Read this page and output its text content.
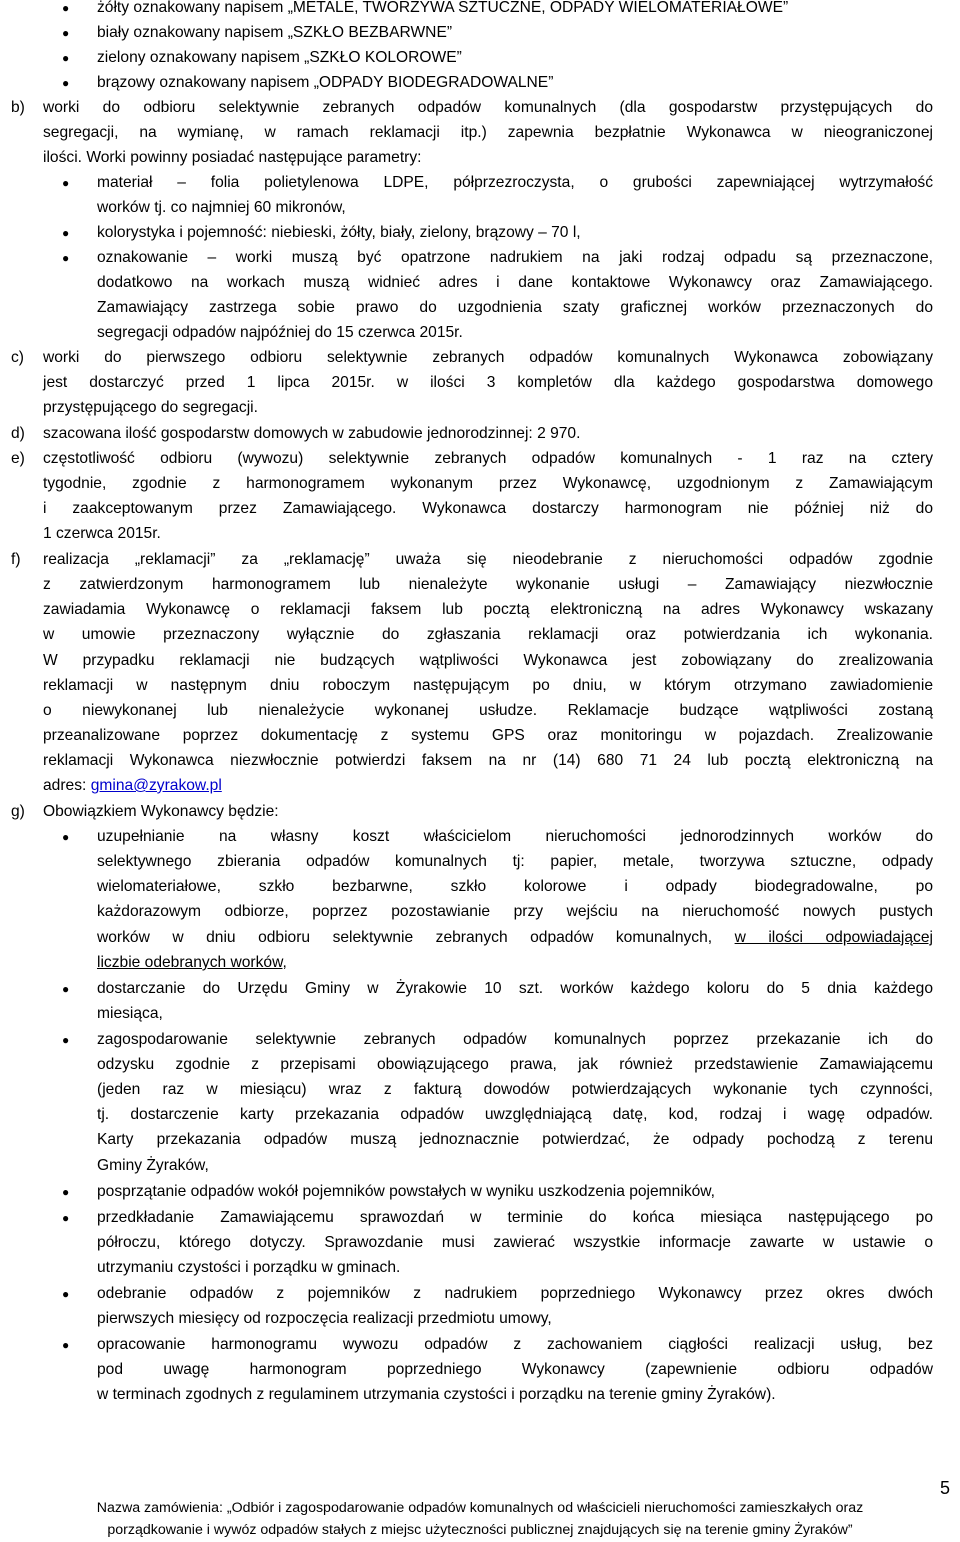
● żółty oznakowany napisem „METALE, TWORZYWA SZTUCZNE, ODPADY WIELOMATERIAŁOWE”
● biały oznakowany napisem „SZKŁO BEZBARWNE”
● zielony oznakowany napisem „SZKŁO KOLOROWE”
● brązowy oznakowany napisem „ODPADY BIODEGRADOWALNE”
b) worki do odbioru selektywnie zebranych odpadów komunalnych (dla gospodarstw przystępujących do
segregacji, na wymianę, w ramach reklamacji itp.) zapewnia bezpłatnie Wykonawca w nieograniczonej
ilości. Worki powinny posiadać następujące parametry:
● materiał – folia polietylenowa LDPE, półprzezroczysta, o grubości zapewniającej wytrzymałość
worków tj. co najmniej 60 mikronów,
● kolorystyka i pojemność: niebieski, żółty, biały, zielony, brązowy – 70 l,
● oznakowanie – worki muszą być opatrzone nadrukiem na jaki rodzaj odpadu są przeznaczone,
dodatkowo na workach muszą widnieć adres i dane kontaktowe Wykonawcy oraz Zamawiającego.
Zamawiający zastrzega sobie prawo do uzgodnienia szaty graficznej worków przeznaczonych do
segregacji odpadów najpóźniej do 15 czerwca 2015r.
c) worki do pierwszego odbioru selektywnie zebranych odpadów komunalnych Wykonawca zobowiązany
jest dostarczyć przed 1 lipca 2015r. w ilości 3 kompletów dla każdego gospodarstwa domowego
przystępującego do segregacji.
d) szacowana ilość gospodarstw domowych w zabudowie jednorodzinnej: 2 970.
e) częstotliwość odbioru (wywozu) selektywnie zebranych odpadów komunalnych - 1 raz na cztery
tygodnie, zgodnie z harmonogramem wykonanym przez Wykonawcę, uzgodnionym z Zamawiającym
i zaakceptowanym przez Zamawiającego. Wykonawca dostarczy harmonogram nie później niż do
1 czerwca 2015r.
f) realizacja „reklamacji” za „reklamację” uważa się nieodebranie z nieruchomości odpadów zgodnie
z zatwierdzonym harmonogramem lub nienależyte wykonanie usługi – Zamawiający niezwłocznie
zawiadamia Wykonawcę o reklamacji faksem lub pocztą elektroniczną na adres Wykonawcy wskazany
w umowie przeznaczony wyłącznie do zgłaszania reklamacji oraz potwierdzania ich wykonania.
W przypadku reklamacji nie budzących wątpliwości Wykonawca jest zobowiązany do zrealizowania
reklamacji w następnym dniu roboczym następującym po dniu, w którym otrzymano zawiadomienie
o niewykonanej lub nienależycie wykonanej usłudze. Reklamacje budzące wątpliwości zostaną
przeanalizowane poprzez dokumentację z systemu GPS oraz monitoringu w pojazdach. Zrealizowanie
reklamacji Wykonawca niezwłocznie potwierdzi faksem na nr (14) 680 71 24 lub pocztą elektroniczną na
adres: gmina@zyrakow.pl
g) Obowiązkiem Wykonawcy będzie:
● uzupełnianie na własny koszt właścicielom nieruchomości jednorodzinnych worków do
selektywnego zbierania odpadów komunalnych tj: papier, metale, tworzywa sztuczne, odpady
wielomateriałowe, szkło bezbarwne, szkło kolorowe i odpady biodegradowalne, po
każdorazowym odbiorze, poprzez pozostawianie przy wejściu na nieruchomość nowych pustych
worków w dniu odbioru selektywnie zebranych odpadów komunalnych, w ilości odpowiadającej
liczbie odebranych worków,
● dostarczanie do Urzędu Gminy w Żyrakowie 10 szt. worków każdego koloru do 5 dnia każdego
miesiąca,
● zagospodarowanie selektywnie zebranych odpadów komunalnych poprzez przekazanie ich do
odzysku zgodnie z przepisami obowiązującego prawa, jak również przedstawienie Zamawiającemu
(jeden raz w miesiącu) wraz z fakturą dowodów potwierdzających wykonanie tych czynności,
tj. dostarczenie karty przekazania odpadów uwzględniającą datę, kod, rodzaj i wagę odpadów.
Karty przekazania odpadów muszą jednoznacznie potwierdzać, że odpady pochodzą z terenu
Gminy Żyraków,
● posprzątanie odpadów wokół pojemników powstałych w wyniku uszkodzenia pojemników,
● przedkładanie Zamawiającemu sprawozdań w terminie do końca miesiąca następującego po
półroczu, którego dotyczy. Sprawozdanie musi zawierać wszystkie informacje zawarte w ustawie o
utrzymaniu czystości i porządku w gminach.
● odebranie odpadów z pojemników z nadrukiem poprzedniego Wykonawcy przez okres dwóch
pierwszych miesięcy od rozpoczęcia realizacji przedmiotu umowy,
● opracowanie harmonogramu wywozu odpadów z zachowaniem ciągłości realizacji usług, bez
pod uwagę harmonogram poprzedniego Wykonawcy (zapewnienie odbioru odpadów
w terminach zgodnych z regulaminem utrzymania czystości i porządku na terenie gminy Żyraków).
5
Nazwa zamówienia: „Odbiór i zagospodarowanie odpadów komunalnych od właścicieli nieruchomości zamieszkałych oraz
porządkowanie i wywóz odpadów stałych z miejsc użyteczności publicznej znajdujących się na terenie gminy Żyraków”
